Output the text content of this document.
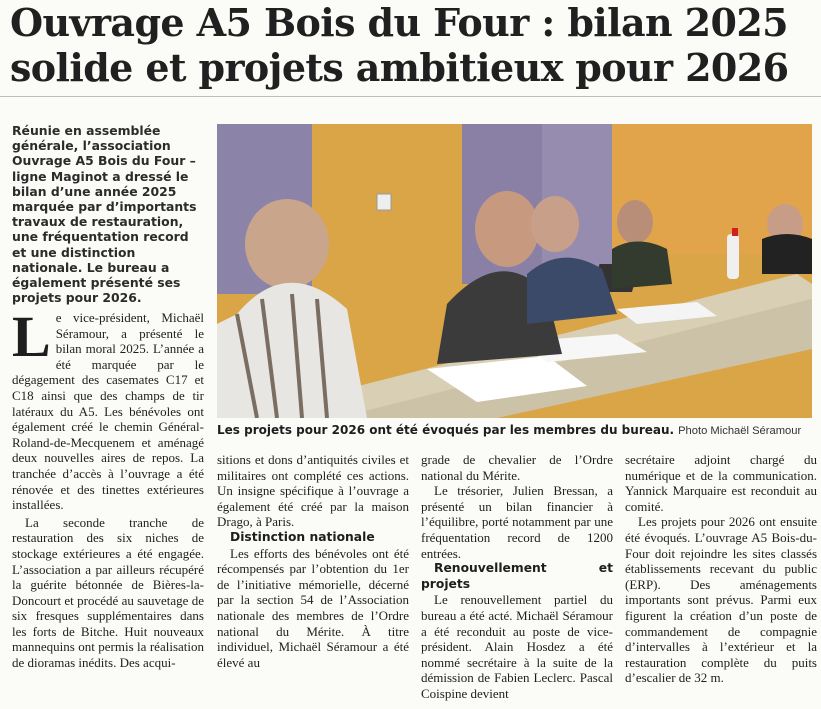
Ouvrage A5 Bois du Four : bilan 2025 solide et projets ambitieux pour 2026

Réunie en assemblée générale, l’association Ouvrage A5 Bois du Four – ligne Maginot a dressé le bilan d’une année 2025 marquée par d’importants travaux de restauration, une fréquentation record et une distinction nationale. Le bureau a également présenté ses projets pour 2026.

Le vice-président, Michaël Séramour, a présenté le bilan moral 2025. L’année a été marquée par le dégagement des casemates C17 et C18 ainsi que des champs de tir latéraux du A5. Les bénévoles ont également créé le chemin Général-Roland-de-Mecquenem et aménagé deux nouvelles aires de repos. La tranchée d’accès à l’ouvrage a été rénovée et des tinettes extérieures installées.

La seconde tranche de restauration des six niches de stockage extérieures a été engagée. L’association a par ailleurs récupéré la guérite bétonnée de Bières-la-Doncourt et procédé au sauvetage de six fresques supplémentaires dans les forts de Bitche. Huit nouveaux mannequins ont permis la réalisation de dioramas inédits. Des acqui-

Les projets pour 2026 ont été évoqués par les membres du bureau. Photo Michaël Séramour

sitions et dons d’antiquités civiles et militaires ont complété ces actions. Un insigne spécifique à l’ouvrage a également été créé par la maison Drago, à Paris.

Distinction nationale

Les efforts des bénévoles ont été récompensés par l’obtention du 1er de l’initiative mémorielle, décerné par la section 54 de l’Association nationale des membres de l’Ordre national du Mérite. À titre individuel, Michaël Séramour a été élevé au

grade de chevalier de l’Ordre national du Mérite.

Le trésorier, Julien Bressan, a présenté un bilan financier à l’équilibre, porté notamment par une fréquentation record de 1200 entrées.

Renouvellement et projets

Le renouvellement partiel du bureau a été acté. Michaël Séramour a été reconduit au poste de vice-président. Alain Hosdez a été nommé secrétaire à la suite de la démission de Fabien Leclerc. Pascal Coispine devient

secrétaire adjoint chargé du numérique et de la communication. Yannick Marquaire est reconduit au comité.

Les projets pour 2026 ont ensuite été évoqués. L’ouvrage A5 Bois-du-Four doit rejoindre les sites classés établissements recevant du public (ERP). Des aménagements importants sont prévus. Parmi eux figurent la création d’un poste de commandement de compagnie d’intervalles à l’extérieur et la restauration complète du puits d’escalier de 32 m.
